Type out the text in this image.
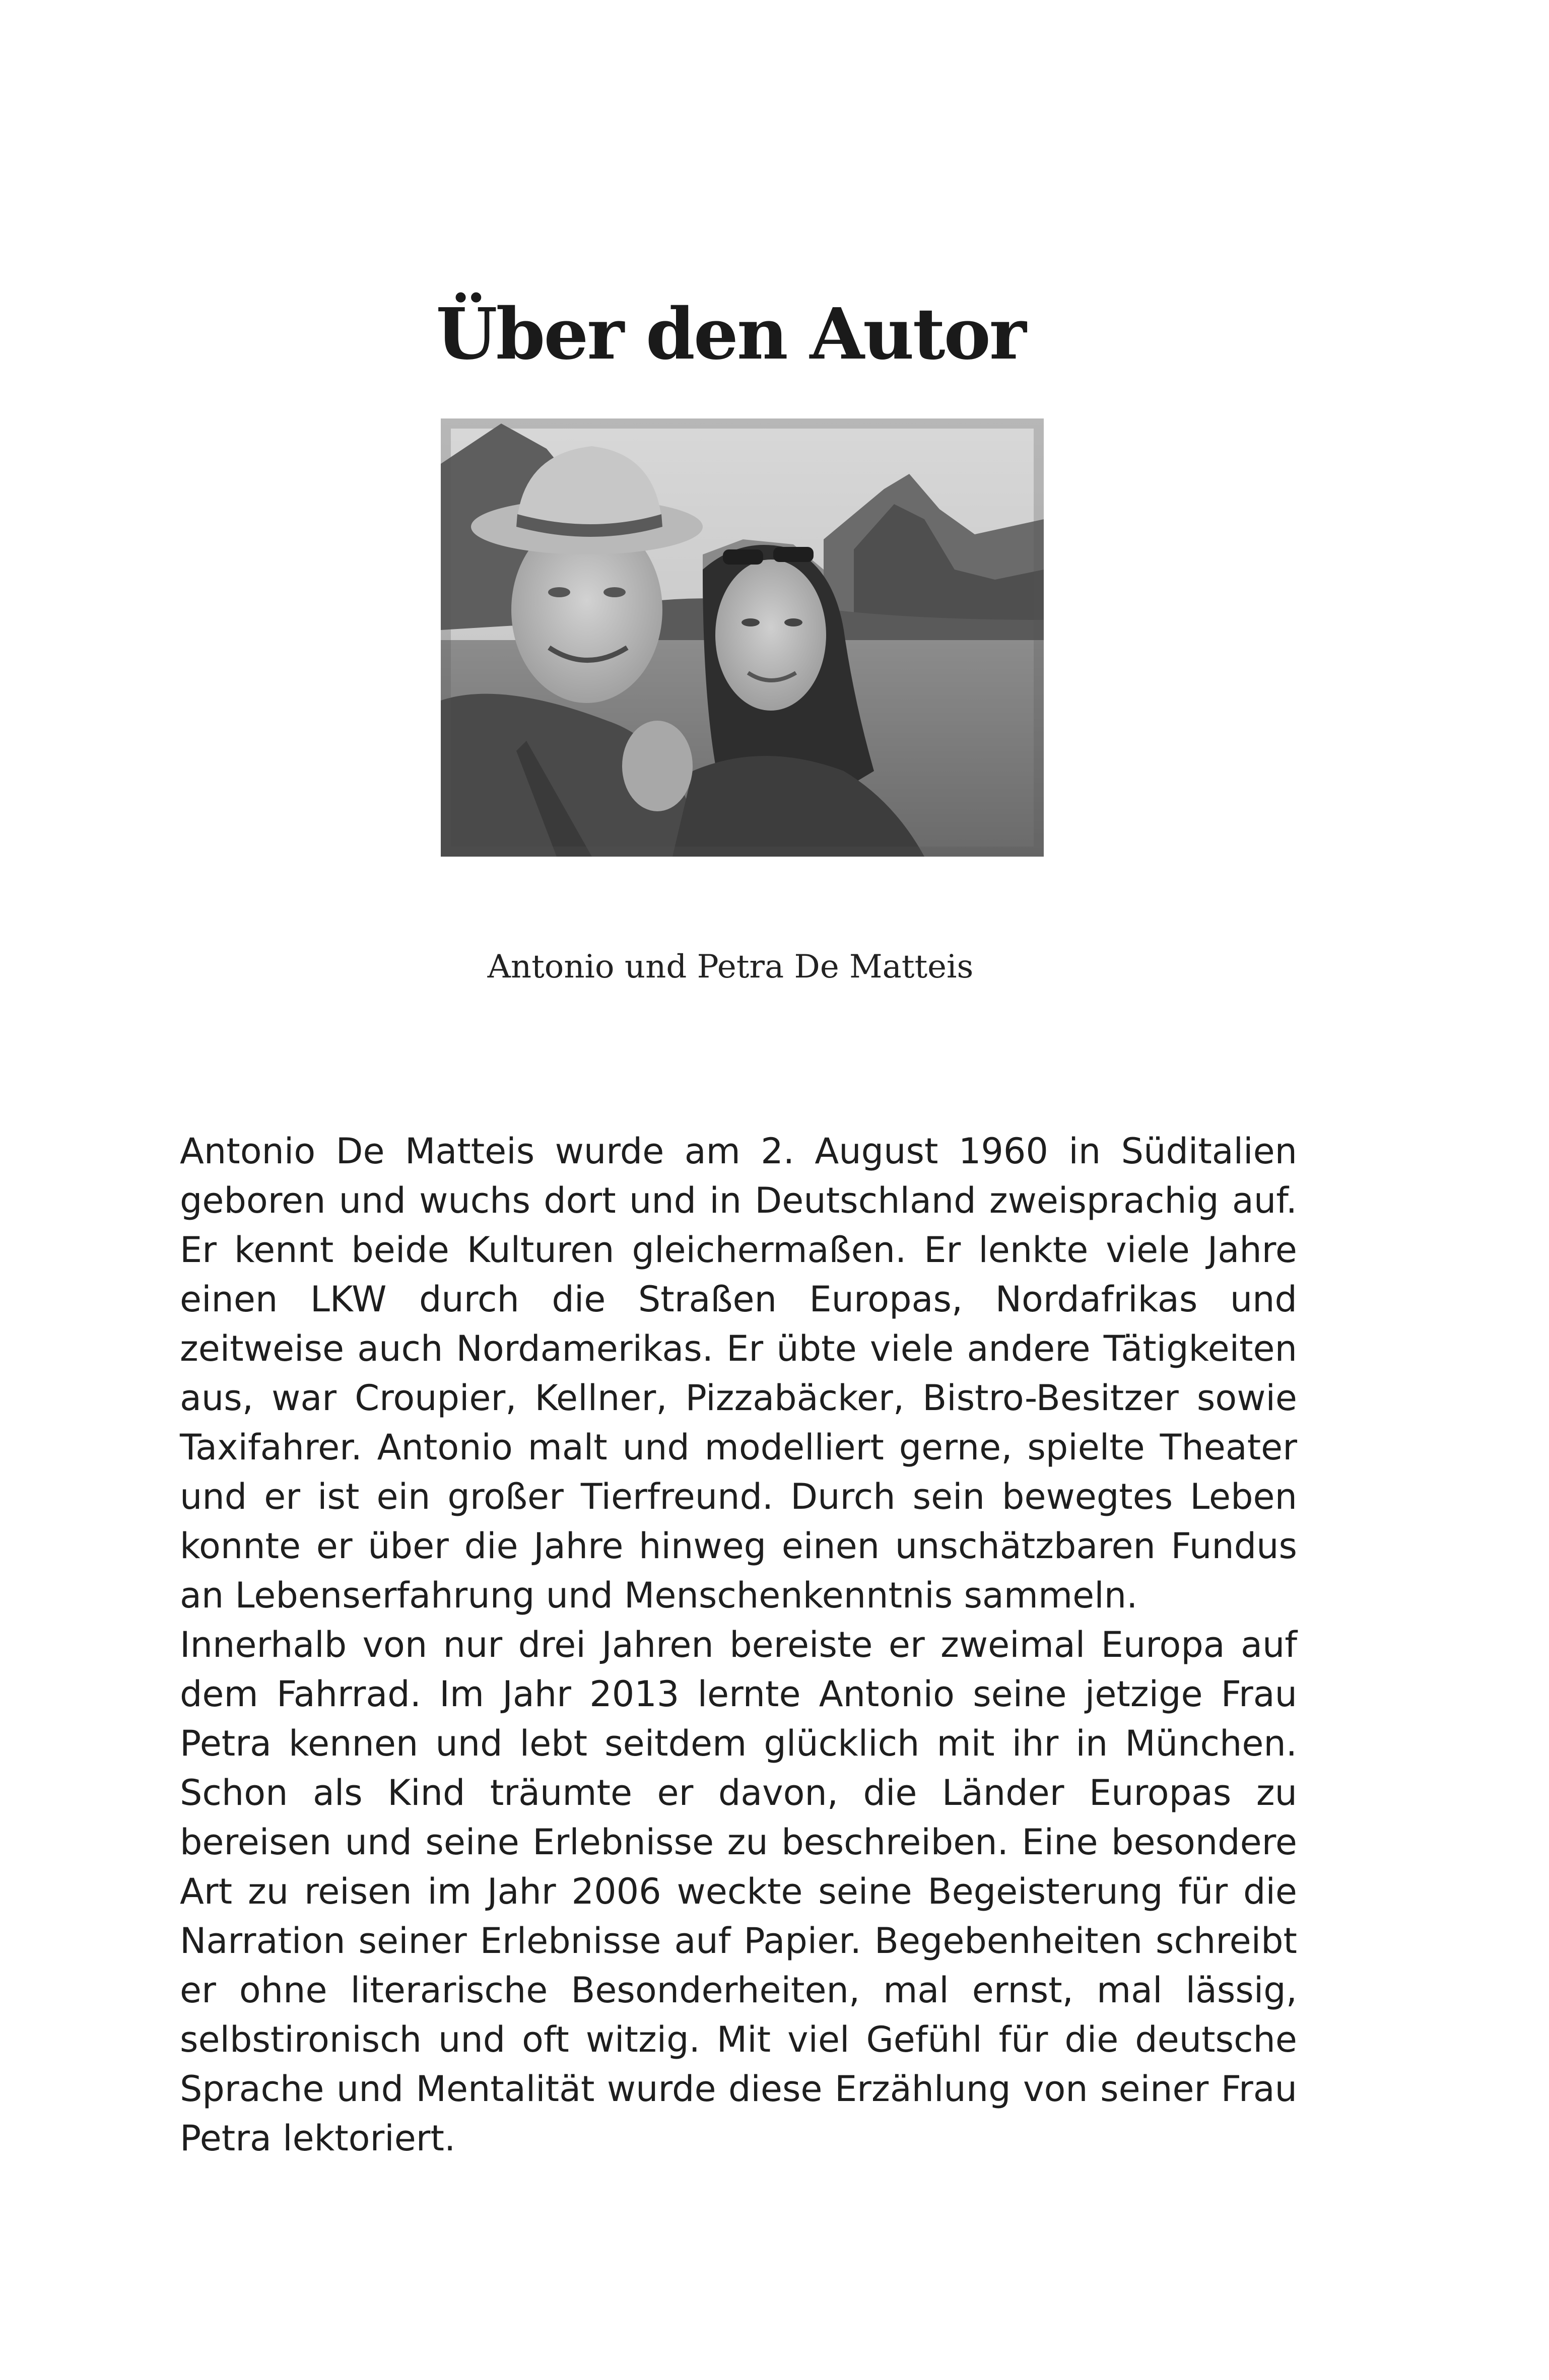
Über den Autor
Antonio und Petra De Matteis

Antonio De Matteis wurde am 2. August 1960 in Süditalien geboren und wuchs dort und in Deutschland zweisprachig auf. Er kennt beide Kulturen gleichermaßen. Er lenkte viele Jahre einen LKW durch die Straßen Europas, Nordafrikas und zeitweise auch Nordamerikas. Er übte viele andere Tätigkeiten aus, war Croupier, Kellner, Pizzabäcker, Bistro-Besitzer sowie Taxifahrer. Antonio malt und modelliert gerne, spielte Theater und er ist ein großer Tierfreund. Durch sein bewegtes Leben konnte er über die Jahre hinweg einen unschätzbaren Fundus an Lebenserfahrung und Menschenkenntnis sammeln.

Innerhalb von nur drei Jahren bereiste er zweimal Europa auf dem Fahrrad. Im Jahr 2013 lernte Antonio seine jetzige Frau Petra kennen und lebt seitdem glücklich mit ihr in München. Schon als Kind träumte er davon, die Länder Europas zu bereisen und seine Erlebnisse zu beschreiben. Eine besondere Art zu reisen im Jahr 2006 weckte seine Begeisterung für die Narration seiner Erlebnisse auf Papier. Begebenheiten schreibt er ohne literarische Besonderheiten, mal ernst, mal lässig, selbstironisch und oft witzig. Mit viel Gefühl für die deutsche Sprache und Mentalität wurde diese Erzählung von seiner Frau Petra lektoriert.
